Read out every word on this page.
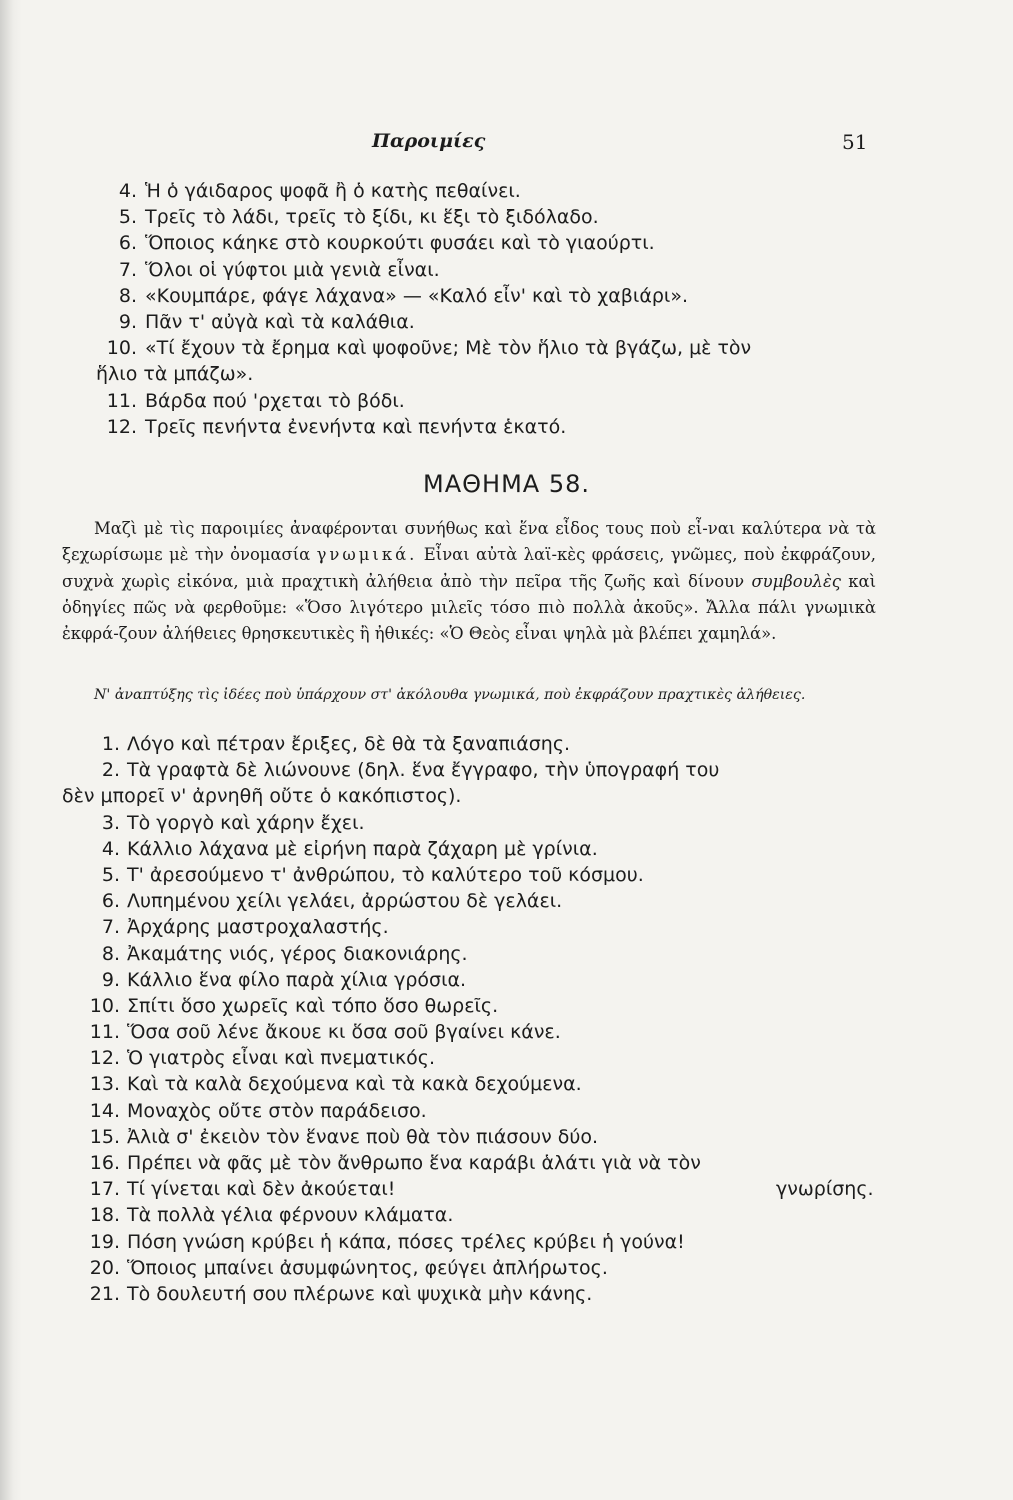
Παροιμίες	51
4. Ἡ ὁ γάιδαρος ψοφᾶ ἢ ὁ κατὴς πεθαίνει.
5. Τρεῖς τὸ λάδι, τρεῖς τὸ ξίδι, κι ἕξι τὸ ξιδόλαδο.
6. Ὅποιος κάηκε στὸ κουρκούτι φυσάει καὶ τὸ γιαούρτι.
7. Ὅλοι οἱ γύφτοι μιὰ γενιὰ εἶναι.
8. «Κουμπάρε, φάγε λάχανα» — «Καλό εἶν' καὶ τὸ χαβιάρι».
9. Πᾶν τ' αὐγὰ καὶ τὰ καλάθια.
10. «Τί ἔχουν τὰ ἔρημα καὶ ψοφοῦνε; Μὲ τὸν ἥλιο τὰ βγάζω, μὲ τὸν
ἥλιο τὰ μπάζω».
11. Βάρδα πού 'ρχεται τὸ βόδι.
12. Τρεῖς πενήντα ἐνενήντα καὶ πενήντα ἑκατό.
ΜΑΘΗΜΑ 58.
Μαζὶ μὲ τὶς παροιμίες ἀναφέρονται συνήθως καὶ ἕνα εἶδος τους ποὺ εἶ-ναι καλύτερα νὰ τὰ ξεχωρίσωμε μὲ τὴν ὀνομασία γνωμικά. Εἶναι αὐτὰ λαϊ-κὲς φράσεις, γνῶμες, ποὺ ἐκφράζουν, συχνὰ χωρὶς εἰκόνα, μιὰ πραχτικὴ ἀλήθεια ἀπὸ τὴν πεῖρα τῆς ζωῆς καὶ δίνουν συμβουλὲς καὶ ὁδηγίες πῶς νὰ φερθοῦμε: «Ὅσο λιγότερο μιλεῖς τόσο πιὸ πολλὰ ἀκοῦς». Ἄλλα πάλι γνωμικὰ ἐκφρά-ζουν ἀλήθειες θρησκευτικὲς ἢ ἠθικές: «Ὁ Θεὸς εἶναι ψηλὰ μὰ βλέπει χαμηλά».
Ν' ἀναπτύξης τὶς ἰδέες ποὺ ὑπάρχουν στ' ἀκόλουθα γνωμικά, ποὺ ἐκφράζουν πραχτικὲς ἀλήθειες.
1. Λόγο καὶ πέτραν ἔριξες, δὲ θὰ τὰ ξαναπιάσης.
2. Τὰ γραφτὰ δὲ λιώνουνε (δηλ. ἕνα ἔγγραφο, τὴν ὑπογραφή του
δὲν μπορεῖ ν' ἀρνηθῆ οὔτε ὁ κακόπιστος).
3. Τὸ γοργὸ καὶ χάρην ἔχει.
4. Κάλλιο λάχανα μὲ εἰρήνη παρὰ ζάχαρη μὲ γρίνια.
5. Τ' ἀρεσούμενο τ' ἀνθρώπου, τὸ καλύτερο τοῦ κόσμου.
6. Λυπημένου χείλι γελάει, ἀρρώστου δὲ γελάει.
7. Ἀρχάρης μαστροχαλαστής.
8. Ἀκαμάτης νιός, γέρος διακονιάρης.
9. Κάλλιο ἕνα φίλο παρὰ χίλια γρόσια.
10. Σπίτι ὅσο χωρεῖς καὶ τόπο ὅσο θωρεῖς.
11. Ὅσα σοῦ λένε ἄκουε κι ὅσα σοῦ βγαίνει κάνε.
12. Ὁ γιατρὸς εἶναι καὶ πνεματικός.
13. Καὶ τὰ καλὰ δεχούμενα καὶ τὰ κακὰ δεχούμενα.
14. Μοναχὸς οὔτε στὸν παράδεισο.
15. Ἀλιὰ σ' ἐκειὸν τὸν ἕνανε ποὺ θὰ τὸν πιάσουν δύο.
16. Πρέπει νὰ φᾶς μὲ τὸν ἄνθρωπο ἕνα καράβι ἁλάτι γιὰ νὰ τὸν
17. Τί γίνεται καὶ δὲν ἀκούεται!	γνωρίσης.
18. Τὰ πολλὰ γέλια φέρνουν κλάματα.
19. Πόση γνώση κρύβει ἡ κάπα, πόσες τρέλες κρύβει ἡ γούνα!
20. Ὅποιος μπαίνει ἀσυμφώνητος, φεύγει ἀπλήρωτος.
21. Τὸ δουλευτή σου πλέρωνε καὶ ψυχικὰ μὴν κάνης.
